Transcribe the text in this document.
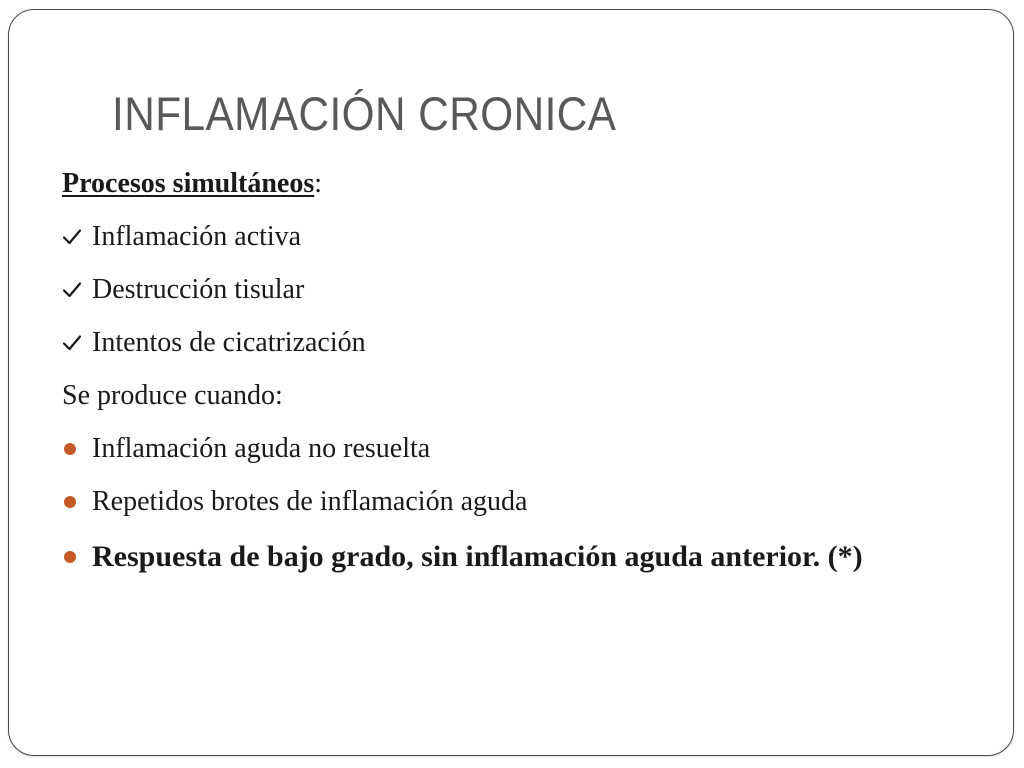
INFLAMACIÓN CRONICA
Procesos simultáneos:
Inflamación activa
Destrucción tisular
Intentos de cicatrización
Se produce cuando:
Inflamación aguda no resuelta
Repetidos brotes de inflamación aguda
Respuesta de bajo grado, sin inflamación aguda anterior. (*)
